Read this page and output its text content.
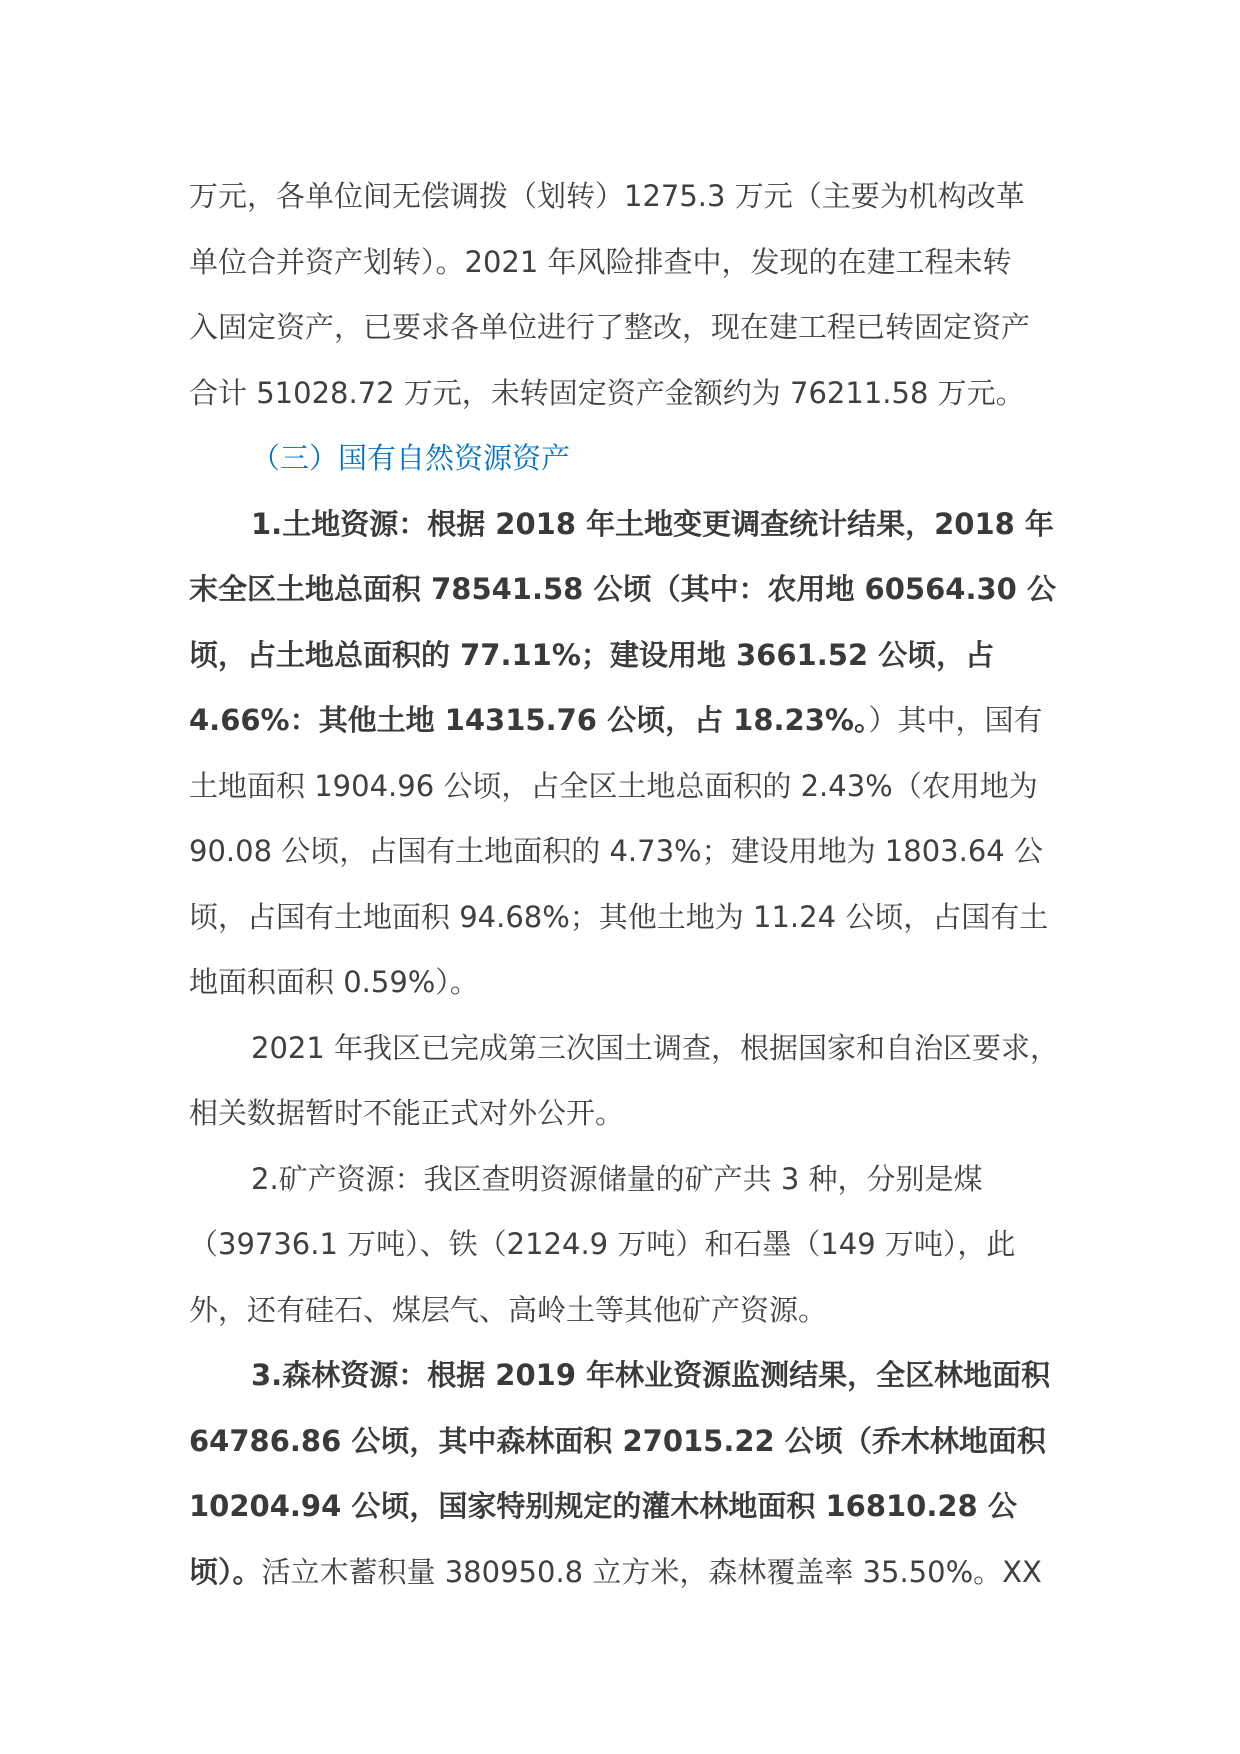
万元，各单位间无偿调拨（划转）1275.3 万元（主要为机构改革
单位合并资产划转）。2021 年风险排查中，发现的在建工程未转
入固定资产，已要求各单位进行了整改，现在建工程已转固定资产
合计 51028.72 万元，未转固定资产金额约为 76211.58 万元。
（三）国有自然资源资产
1.土地资源：根据 2018 年土地变更调查统计结果，2018 年
末全区土地总面积 78541.58 公顷（其中：农用地 60564.30 公
顷，占土地总面积的 77.11%；建设用地 3661.52 公顷，占
4.66%：其他土地 14315.76 公顷，占 18.23%。）其中，国有
土地面积 1904.96 公顷，占全区土地总面积的 2.43%（农用地为
90.08 公顷，占国有土地面积的 4.73%；建设用地为 1803.64 公
顷，占国有土地面积 94.68%；其他土地为 11.24 公顷，占国有土
地面积面积 0.59%）。
2021 年我区已完成第三次国土调查，根据国家和自治区要求，
相关数据暂时不能正式对外公开。
2.矿产资源：我区查明资源储量的矿产共 3 种，分别是煤
（39736.1 万吨）、铁（2124.9 万吨）和石墨（149 万吨），此
外，还有硅石、煤层气、高岭土等其他矿产资源。
3.森林资源：根据 2019 年林业资源监测结果，全区林地面积
64786.86 公顷，其中森林面积 27015.22 公顷（乔木林地面积
10204.94 公顷，国家特别规定的灌木林地面积 16810.28 公
顷）。活立木蓄积量 380950.8 立方米，森林覆盖率 35.50%。XX
